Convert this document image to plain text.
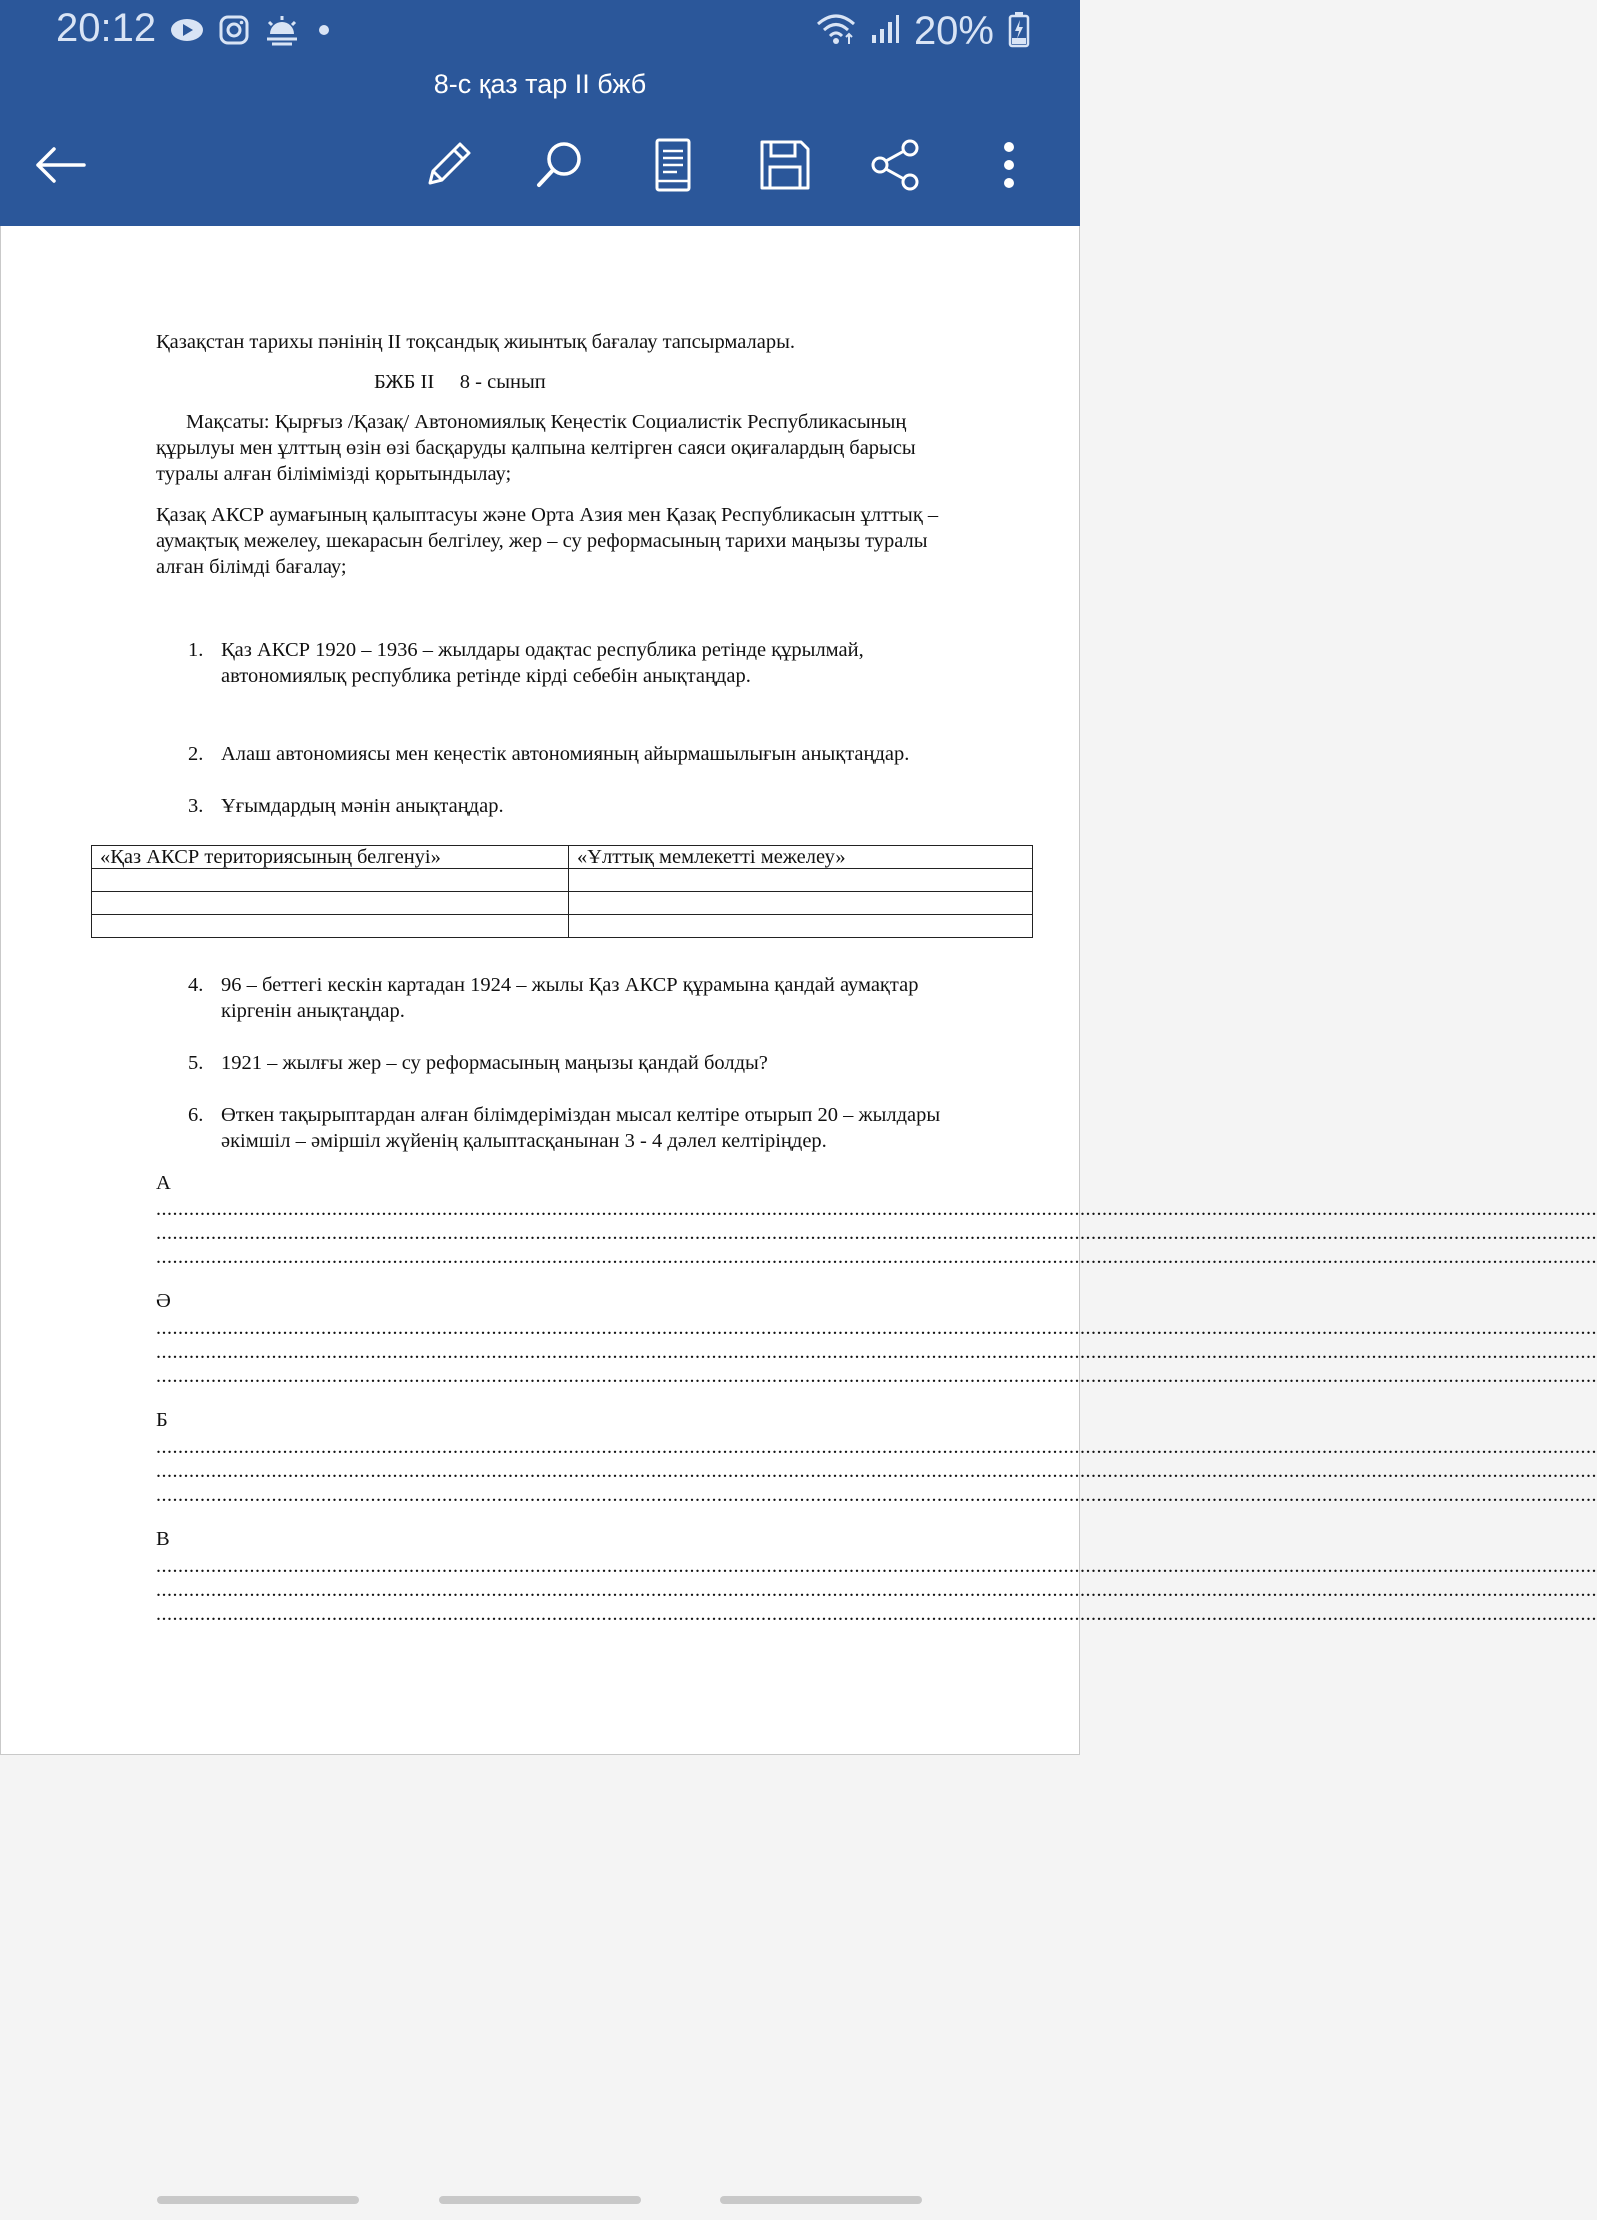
20:12	20%
8-с қаз тар II бжб
Қазақстан тарихы пәнінің II тоқсандық жиынтық бағалау тапсырмалары.
БЖБ II     8 - сынып
Мақсаты: Қырғыз /Қазақ/ Автономиялық Кеңестік Социалистік Республикасының
құрылуы мен ұлттың өзін өзі басқаруды қалпына келтірген саяси оқиғалардың барысы
туралы алған білімімізді қорытындылау;
Қазақ АКСР аумағының қалыптасуы және Орта Азия мен Қазақ Республикасын ұлттық –
аумақтық межелеу, шекарасын белгілеу, жер – су реформасының тарихи маңызы туралы
алған білімді бағалау;
1. Қаз АКСР 1920 – 1936 – жылдары одақтас республика ретінде құрылмай,
автономиялық республика ретінде кірді себебін анықтаңдар.
2. Алаш автономиясы мен кеңестік автономияның айырмашылығын анықтаңдар.
3. Ұғымдардың мәнін анықтаңдар.
«Қаз АКСР териториясының белгенуі»	«Ұлттық мемлекетті межелеу»

4. 96 – беттегі кескін картадан 1924 – жылы Қаз АКСР құрамына қандай аумақтар
кіргенін анықтаңдар.
5. 1921 – жылғы жер – су реформасының маңызы қандай болды?
6. Өткен тақырыптардан алған білімдеріміздан мысал келтіре отырып 20 – жылдары
әкімшіл – әміршіл жүйенің қалыптасқанынан 3 - 4 дәлел келтіріңдер.
А
......................................................................................................................................................................................................................................................................
......................................................................................................................................................................................................................................................................
......................................................................................................................................................................................................................................................................
Ә
......................................................................................................................................................................................................................................................................
......................................................................................................................................................................................................................................................................
......................................................................................................................................................................................................................................................................
Б
......................................................................................................................................................................................................................................................................
......................................................................................................................................................................................................................................................................
......................................................................................................................................................................................................................................................................
В
......................................................................................................................................................................................................................................................................
......................................................................................................................................................................................................................................................................
......................................................................................................................................................................................................................................................................
